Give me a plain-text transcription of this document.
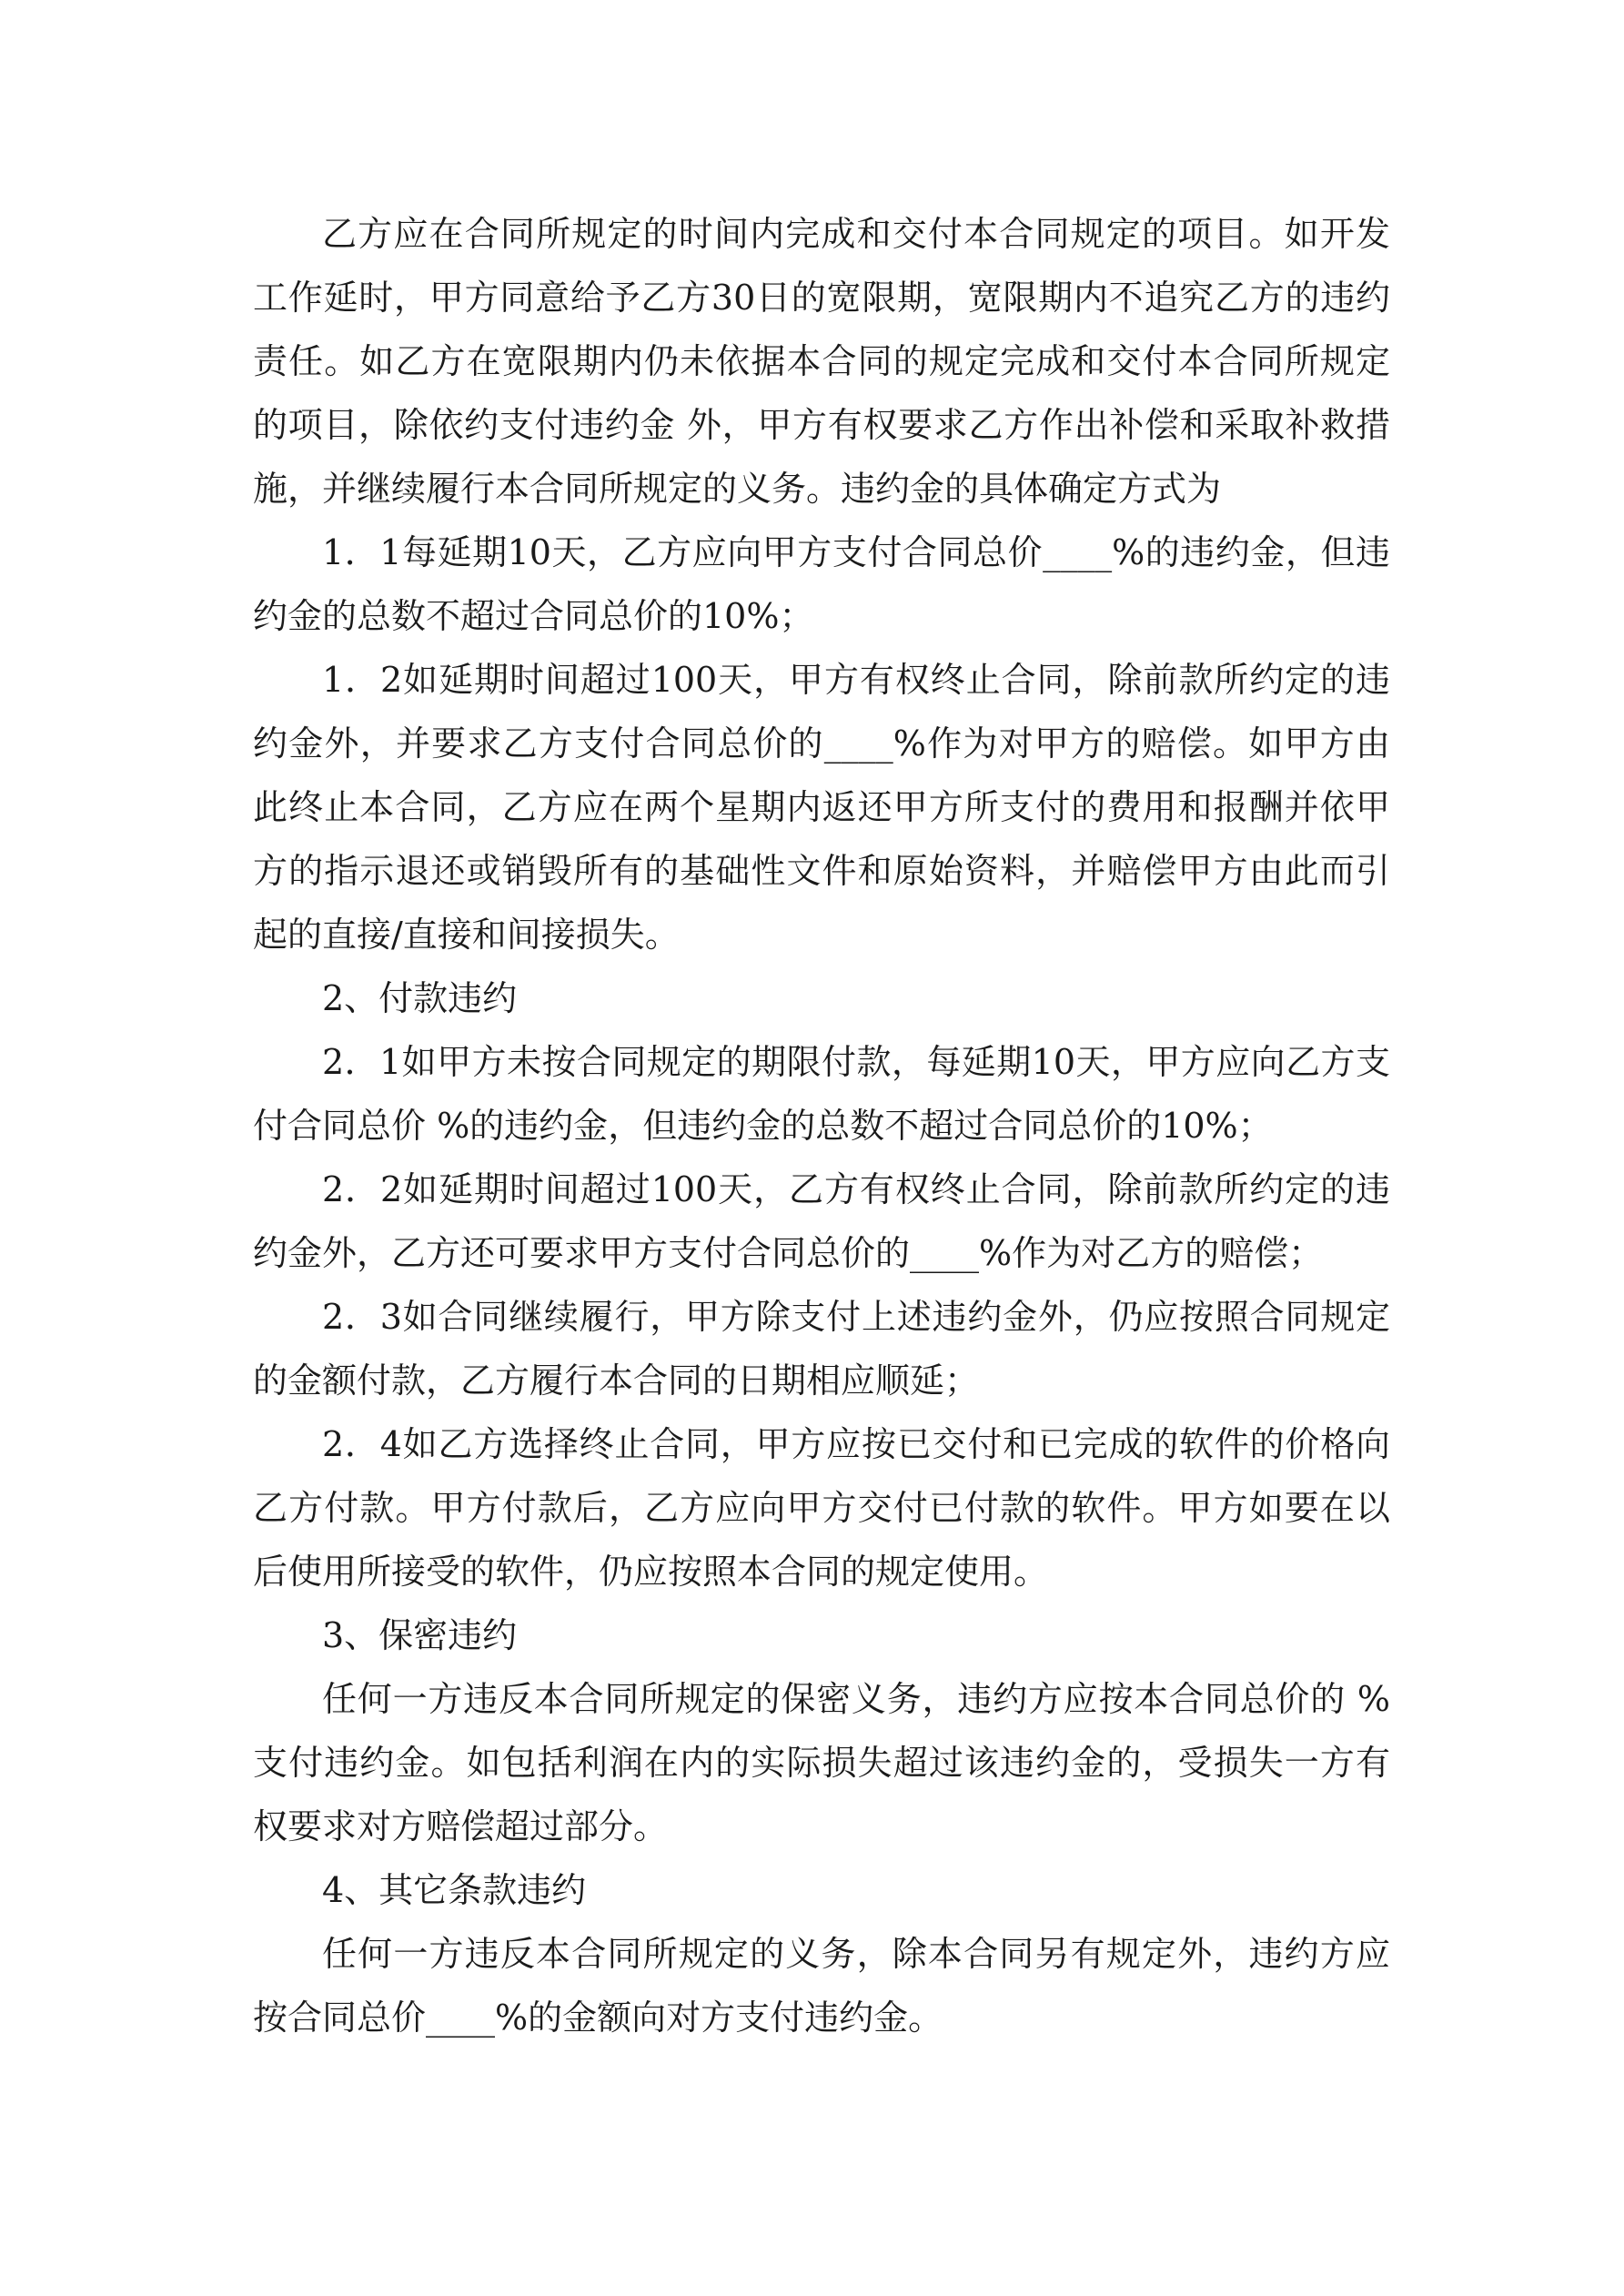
乙方应在合同所规定的时间内完成和交付本合同规定的项目。如开发工作延时，甲方同意给予乙方30日的宽限期，宽限期内不追究乙方的违约责任。如乙方在宽限期内仍未依据本合同的规定完成和交付本合同所规定的项目，除依约支付违约金 外，甲方有权要求乙方作出补偿和采取补救措施，并继续履行本合同所规定的义务。违约金的具体确定方式为

1．1每延期10天，乙方应向甲方支付合同总价____%的违约金，但违约金的总数不超过合同总价的10%；

1．2如延期时间超过100天，甲方有权终止合同，除前款所约定的违约金外，并要求乙方支付合同总价的____%作为对甲方的赔偿。如甲方由此终止本合同，乙方应在两个星期内返还甲方所支付的费用和报酬并依甲方的指示退还或销毁所有的基础性文件和原始资料，并赔偿甲方由此而引起的直接/直接和间接损失。

2、付款违约

2．1如甲方未按合同规定的期限付款，每延期10天，甲方应向乙方支付合同总价 %的违约金，但违约金的总数不超过合同总价的10%；

2．2如延期时间超过100天，乙方有权终止合同，除前款所约定的违约金外，乙方还可要求甲方支付合同总价的____%作为对乙方的赔偿；

2．3如合同继续履行，甲方除支付上述违约金外，仍应按照合同规定的金额付款，乙方履行本合同的日期相应顺延；

2．4如乙方选择终止合同，甲方应按已交付和已完成的软件的价格向乙方付款。甲方付款后，乙方应向甲方交付已付款的软件。甲方如要在以后使用所接受的软件，仍应按照本合同的规定使用。

3、保密违约

任何一方违反本合同所规定的保密义务，违约方应按本合同总价的 %支付违约金。如包括利润在内的实际损失超过该违约金的，受损失一方有权要求对方赔偿超过部分。

4、其它条款违约

任何一方违反本合同所规定的义务，除本合同另有规定外，违约方应按合同总价____%的金额向对方支付违约金。
